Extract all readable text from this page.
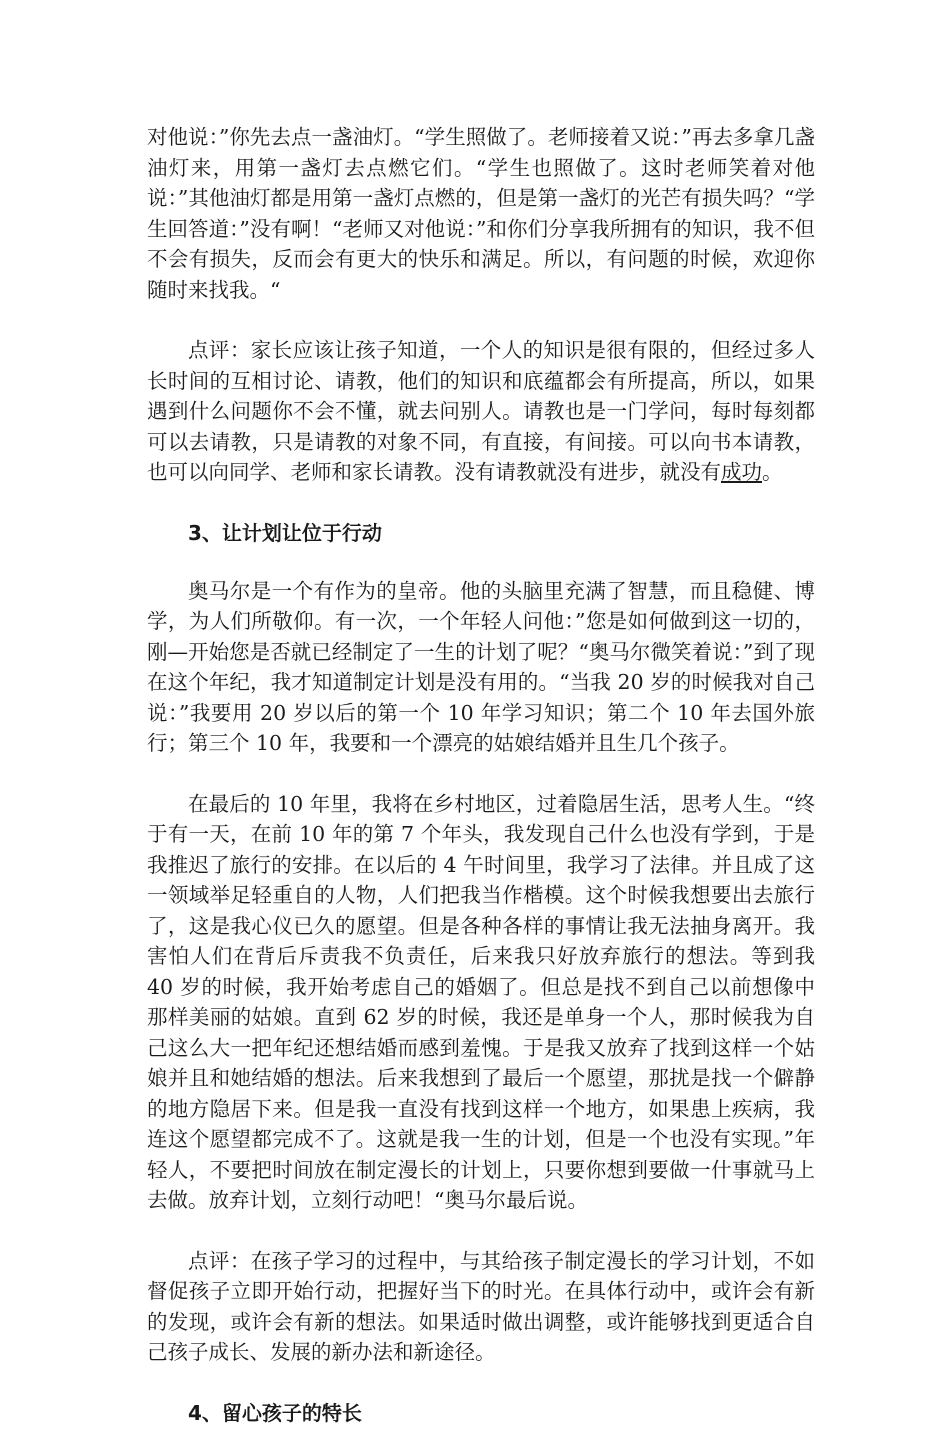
对他说：”你先去点一盏油灯。“学生照做了。老师接着又说：”再去多拿几盏油灯来，用第一盏灯去点燃它们。“学生也照做了。这时老师笑着对他说：”其他油灯都是用第一盏灯点燃的，但是第一盏灯的光芒有损失吗？“学生回答道：”没有啊！“老师又对他说：”和你们分享我所拥有的知识，我不但不会有损失，反而会有更大的快乐和满足。所以，有问题的时候，欢迎你随时来找我。“

点评：家长应该让孩子知道，一个人的知识是很有限的，但经过多人长时间的互相讨论、请教，他们的知识和底蕴都会有所提高，所以，如果遇到什么问题你不会不懂，就去问别人。请教也是一门学问，每时每刻都可以去请教，只是请教的对象不同，有直接，有间接。可以向书本请教，也可以向同学、老师和家长请教。没有请教就没有进步，就没有成功。

3、让计划让位于行动

奥马尔是一个有作为的皇帝。他的头脑里充满了智慧，而且稳健、博学，为人们所敬仰。有一次，一个年轻人问他：”您是如何做到这一切的，刚—开始您是否就已经制定了一生的计划了呢？“奥马尔微笑着说：”到了现在这个年纪，我才知道制定计划是没有用的。“当我 20 岁的时候我对自己说：”我要用 20 岁以后的第一个 10 年学习知识；第二个 10 年去国外旅行；第三个 10 年，我要和一个漂亮的姑娘结婚并且生几个孩子。

在最后的 10 年里，我将在乡村地区，过着隐居生活，思考人生。“终于有一天，在前 10 年的第 7 个年头，我发现自己什么也没有学到，于是我推迟了旅行的安排。在以后的 4 午时间里，我学习了法律。并且成了这一领域举足轻重自的人物，人们把我当作楷模。这个时候我想要出去旅行了，这是我心仪已久的愿望。但是各种各样的事情让我无法抽身离开。我害怕人们在背后斥责我不负责任，后来我只好放弃旅行的想法。等到我 40 岁的时候，我开始考虑自己的婚姻了。但总是找不到自己以前想像中那样美丽的姑娘。直到 62 岁的时候，我还是单身一个人，那时候我为自己这么大一把年纪还想结婚而感到羞愧。于是我又放弃了找到这样一个姑娘并且和她结婚的想法。后来我想到了最后一个愿望，那扰是找一个僻静的地方隐居下来。但是我一直没有找到这样一个地方，如果患上疾病，我连这个愿望都完成不了。这就是我一生的计划，但是一个也没有实现。”年轻人，不要把时间放在制定漫长的计划上，只要你想到要做一什事就马上去做。放弃计划，立刻行动吧！“奥马尔最后说。

点评：在孩子学习的过程中，与其给孩子制定漫长的学习计划，不如督促孩子立即开始行动，把握好当下的时光。在具体行动中，或许会有新的发现，或许会有新的想法。如果适时做出调整，或许能够找到更适合自己孩子成长、发展的新办法和新途径。

4、留心孩子的特长
